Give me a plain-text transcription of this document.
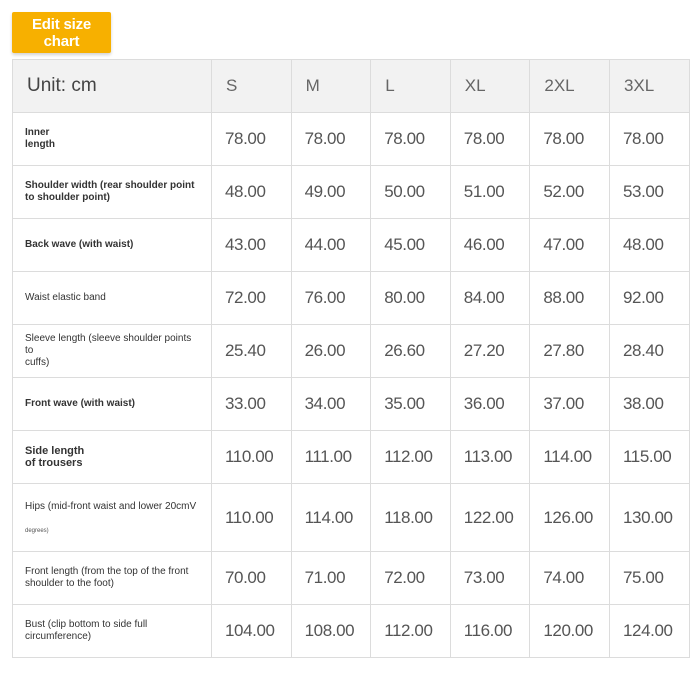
Edit size chart
Unit: cm	S	M	L	XL	2XL	3XL
Inner
length	78.00	78.00	78.00	78.00	78.00	78.00
Shoulder width (rear shoulder point
to shoulder point)	48.00	49.00	50.00	51.00	52.00	53.00
Back wave (with waist)	43.00	44.00	45.00	46.00	47.00	48.00
Waist elastic band	72.00	76.00	80.00	84.00	88.00	92.00
Sleeve length (sleeve shoulder points to
cuffs)	25.40	26.00	26.60	27.20	27.80	28.40
Front wave (with waist)	33.00	34.00	35.00	36.00	37.00	38.00
Side length
of trousers	110.00	111.00	112.00	113.00	114.00	115.00
Hips (mid-front waist and lower 20cmV
degrees)	110.00	114.00	118.00	122.00	126.00	130.00
Front length (from the top of the front
shoulder to the foot)	70.00	71.00	72.00	73.00	74.00	75.00
Bust (clip bottom to side full circumference)	104.00	108.00	112.00	116.00	120.00	124.00
